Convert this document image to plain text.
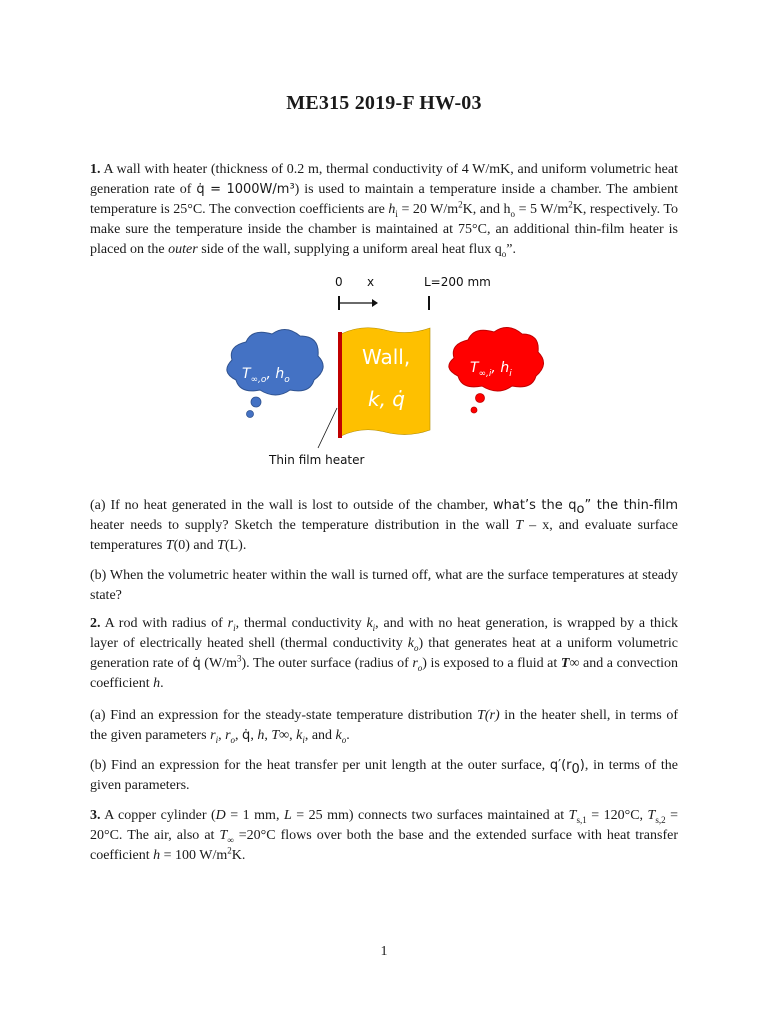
ME315 2019-F HW-03
1. A wall with heater (thickness of 0.2 m, thermal conductivity of 4 W/mK, and uniform volumetric heat generation rate of q̇ = 1000W/m³) is used to maintain a temperature inside a chamber. The ambient temperature is 25°C. The convection coefficients are $h_i = 20$ $W/m^2K$, and $h_o = 5$ $W/m^2K$, respectively. To make sure the temperature inside the chamber is maintained at 75°C, an additional thin-film heater is placed on the outer side of the wall, supplying a uniform areal heat flux $q_o$”.
0 x	L=200 mm
Wall,
k, q̇
$T_{\infty,o}$, $h_o$
$T_{\infty,i}$, $h_i$
Thin film heater
(a) If no heat generated in the wall is lost to outside of the chamber, what’s the $q_o$” the thin-film heater needs to supply? Sketch the temperature distribution in the wall T – x, and evaluate surface temperatures T(0) and T(L).
(b) When the volumetric heater within the wall is turned off, what are the surface temperatures at steady state?
2. A rod with radius of $r_i$, thermal conductivity $k_i$, and with no heat generation, is wrapped by a thick layer of electrically heated shell (thermal conductivity $k_o$) that generates heat at a uniform volumetric generation rate of q̇ $(W/m^3)$. The outer surface (radius of $r_o$) is exposed to a fluid at T∞ and a convection coefficient h.
(a) Find an expression for the steady-state temperature distribution T(r) in the heater shell, in terms of the given parameters $r_i$, $r_o$, q̇, h, T∞, $k_i$, and $k_o$.
(b) Find an expression for the heat transfer per unit length at the outer surface, $q'(r_0)$, in terms of the given parameters.
3. A copper cylinder (D = 1 mm, L = 25 mm) connects two surfaces maintained at $T_{s,1} = 120^\circ C$, $T_{s,2} = 20^\circ C$. The air, also at $T_\infty =20^\circ C$ flows over both the base and the extended surface with heat transfer coefficient h = 100 $W/m^2K$.
1
